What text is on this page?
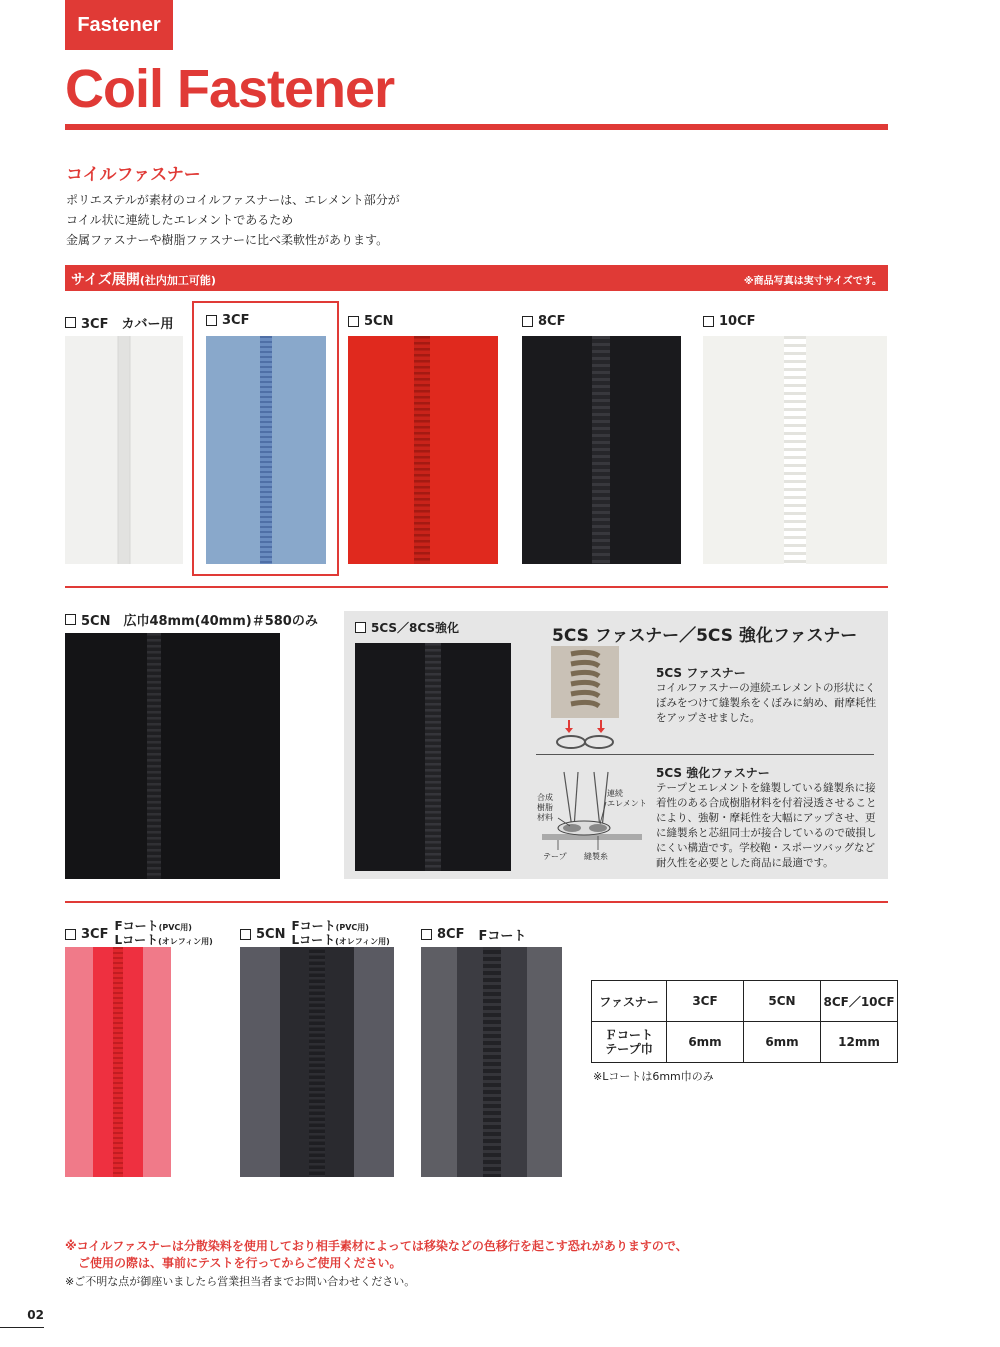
Fastener
Coil Fastener
コイルファスナー
ポリエステルが素材のコイルファスナーは、エレメント部分が
コイル状に連続したエレメントであるため
金属ファスナーや樹脂ファスナーに比べ柔軟性があります。
サイズ展開(社内加工可能)	※商品写真は実寸サイズです。
3CF　カバー用	3CF	5CN	8CF	10CF
5CN　広巾48mm(40mm)＃580のみ	5CS／8CS強化	5CS ファスナー／5CS 強化ファスナー
5CS ファスナー
コイルファスナーの連続エレメントの形状にくぼみをつけて縫製糸をくぼみに納め、耐摩耗性をアップさせました。
5CS 強化ファスナー
テープとエレメントを縫製している縫製糸に接着性のある合成樹脂材料を付着浸透させることにより、強靭・摩耗性を大幅にアップさせ、更に縫製糸と芯紐同士が接合しているので破損しにくい構造です。学校鞄・スポーツバッグなど耐久性を必要とした商品に最適です。
合成
樹脂
材料
連続
エレメント
テープ 縫製糸
3CF
Fコート(PVC用)
Lコート(オレフィン用)	5CN
Fコート(PVC用)
Lコート(オレフィン用)	8CF Fコート
ファスナー	3CF	5CN	8CF／10CF

Ｆコート
テープ巾	6mm	6mm	12mm
※Lコートは6mm巾のみ
※コイルファスナーは分散染料を使用しており相手素材によっては移染などの色移行を起こす恐れがありますので、
ご使用の際は、事前にテストを行ってからご使用ください。
※ご不明な点が御座いましたら営業担当者までお問い合わせください。
02
